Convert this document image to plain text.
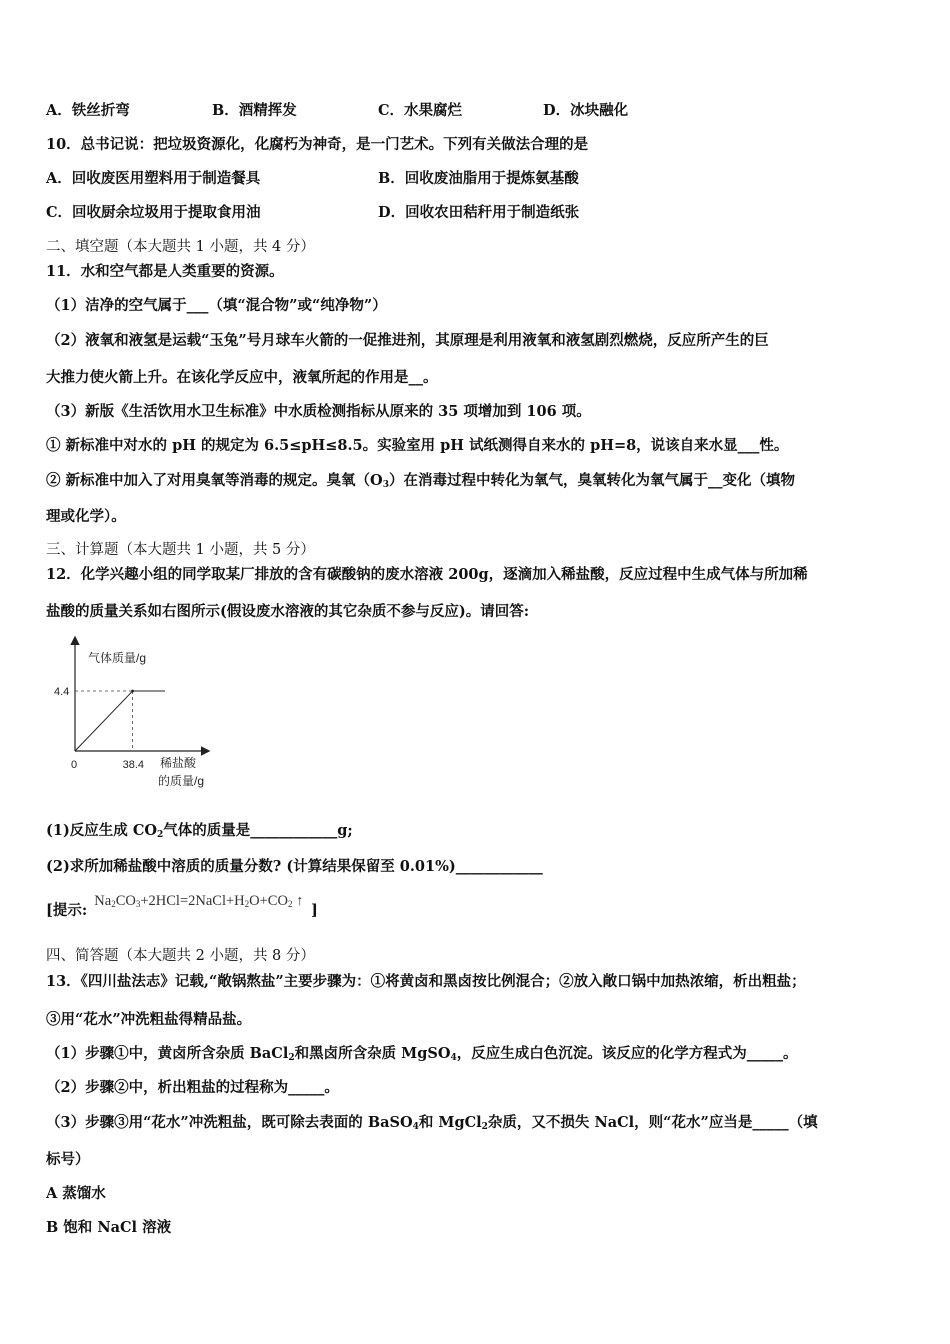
A．铁丝折弯	B．酒精挥发	C．水果腐烂	D．冰块融化
10．总书记说：把垃圾资源化，化腐朽为神奇，是一门艺术。下列有关做法合理的是
A．回收废医用塑料用于制造餐具	B．回收废油脂用于提炼氨基酸
C．回收厨余垃圾用于提取食用油	D．回收农田秸秆用于制造纸张
二、填空题（本大题共 1 小题，共 4 分）
11．水和空气都是人类重要的资源。
（1）洁净的空气属于___（填“混合物”或“纯净物”）
（2）液氧和液氢是运载“玉兔”号月球车火箭的一促推进剂，其原理是利用液氧和液氢剧烈燃烧，反应所产生的巨
大推力使火箭上升。在该化学反应中，液氧所起的作用是__。
（3）新版《生活饮用水卫生标准》中水质检测指标从原来的 35 项增加到 106 项。
① 新标准中对水的 pH 的规定为 6.5≤pH≤8.5。实验室用 pH 试纸测得自来水的 pH=8，说该自来水显___性。
② 新标准中加入了对用臭氧等消毒的规定。臭氧$(O_3)$在消毒过程中转化为氧气，臭氧转化为氧气属于__变化（填物
理或化学）。
三、计算题（本大题共 1 小题，共 5 分）
12．化学兴趣小组的同学取某厂排放的含有碳酸钠的废水溶液 200g，逐滴加入稀盐酸，反应过程中生成气体与所加稀
盐酸的质量关系如右图所示(假设废水溶液的其它杂质不参与反应)。请回答:
气体质量/g
4.4
0	38.4 稀盐酸
的质量/g
(1)反应生成 $CO_2$气体的质量是____________g;
(2)求所加稀盐酸中溶质的质量分数? (计算结果保留至 0.01%)____________
[提示: $Na_2CO_3+2HCl=2NaCl+H_2O+CO_2$ ↑ ]
四、简答题（本大题共 2 小题，共 8 分）
13．《四川盐法志》记载,“敞锅熬盐”主要步骤为：①将黄卤和黑卤按比例混合；②放入敞口锅中加热浓缩，析出粗盐；
③用“花水”冲洗粗盐得精品盐。
（1）步骤①中，黄卤所含杂质 BaCl$_2$和黑卤所含杂质 MgSO$_4$，反应生成白色沉淀。该反应的化学方程式为_____。
（2）步骤②中，析出粗盐的过程称为_____。
（3）步骤③用“花水”冲洗粗盐，既可除去表面的 BaSO$_4$和 MgCl$_2$杂质，又不损失 NaCl，则“花水”应当是_____（填
标号）
A 蒸馏水
B 饱和 NaCl 溶液
